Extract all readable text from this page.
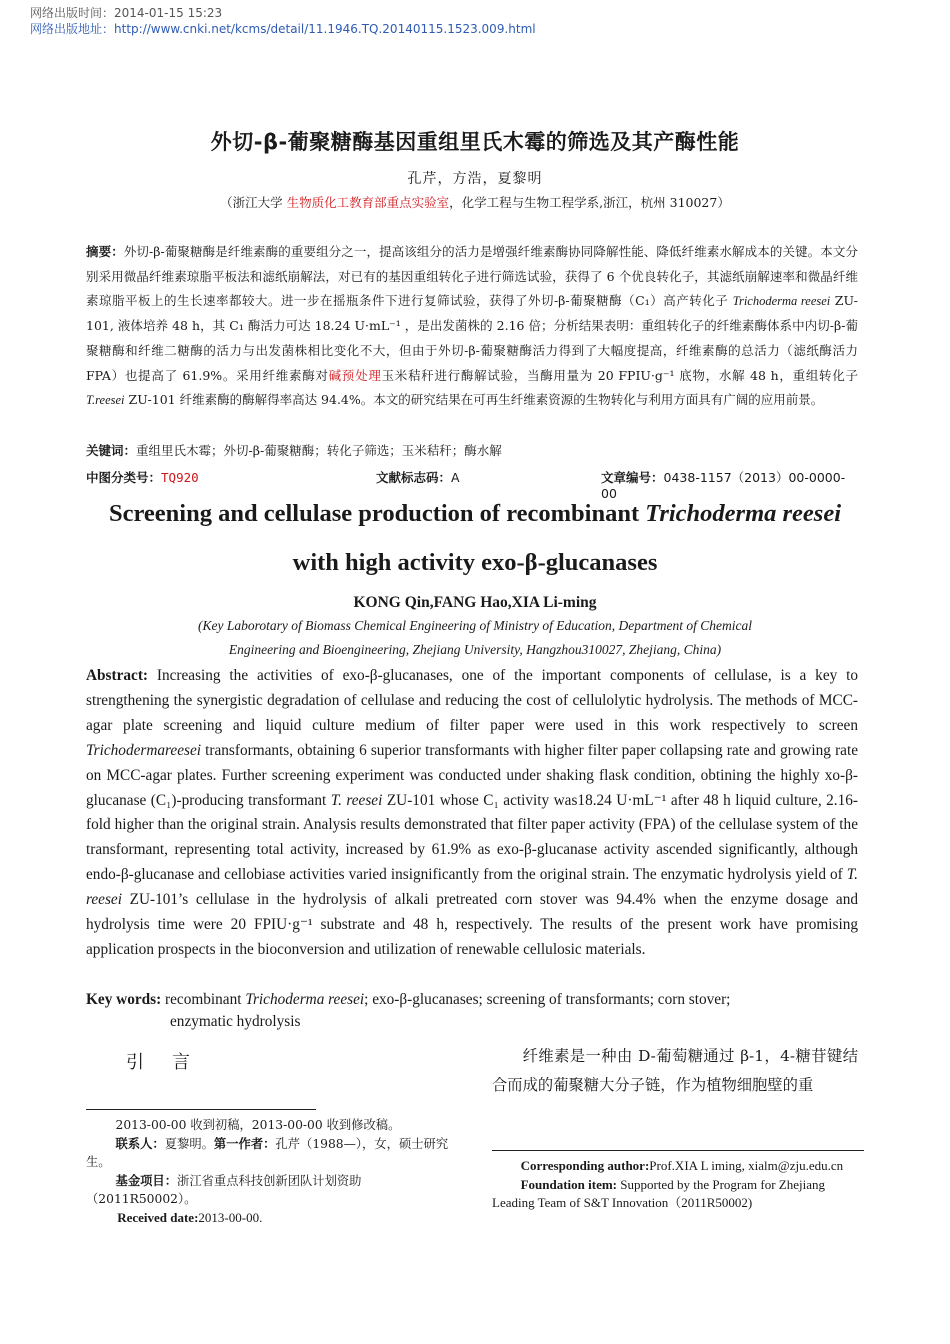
网络出版时间：2014-01-15 15:23
网络出版地址：http://www.cnki.net/kcms/detail/11.1946.TQ.20140115.1523.009.html
外切-β-葡聚糖酶基因重组里氏木霉的筛选及其产酶性能
孔芹，方浩，夏黎明
（浙江大学 生物质化工教育部重点实验室，化学工程与生物工程学系,浙江，杭州 310027）
摘要：外切-β-葡聚糖酶是纤维素酶的重要组分之一，提高该组分的活力是增强纤维素酶协同降解性能、降低纤维素水解成本的关键。本文分别采用微晶纤维素琼脂平板法和滤纸崩解法，对已有的基因重组转化子进行筛选试验，获得了 6 个优良转化子，其滤纸崩解速率和微晶纤维素琼脂平板上的生长速率都较大。进一步在摇瓶条件下进行复筛试验，获得了外切-β-葡聚糖酶（C₁）高产转化子 Trichoderma reesei ZU-101, 液体培养 48 h，其 C₁ 酶活力可达 18.24 U·mL⁻¹ ，是出发菌株的 2.16 倍；分析结果表明：重组转化子的纤维素酶体系中内切-β-葡聚糖酶和纤维二糖酶的活力与出发菌株相比变化不大，但由于外切-β-葡聚糖酶活力得到了大幅度提高，纤维素酶的总活力（滤纸酶活力 FPA）也提高了 61.9%。采用纤维素酶对碱预处理玉米秸秆进行酶解试验，当酶用量为 20 FPIU·g⁻¹ 底物，水解 48 h，重组转化子 T.reesei ZU-101 纤维素酶的酶解得率高达 94.4%。本文的研究结果在可再生纤维素资源的生物转化与利用方面具有广阔的应用前景。
关键词：重组里氏木霉；外切-β-葡聚糖酶；转化子筛选；玉米秸秆；酶水解
中图分类号：TQ920	文献标志码：A	文章编号：0438-1157（2013）00-0000-00
Screening and cellulase production of recombinant Trichoderma reesei
with high activity exo-β-glucanases
KONG Qin,FANG Hao,XIA Li-ming
(Key Laborotary of Biomass Chemical Engineering of Ministry of Education, Department of Chemical
Engineering and Bioengineering, Zhejiang University, Hangzhou310027, Zhejiang, China)
Abstract: Increasing the activities of exo-β-glucanases, one of the important components of cellulase, is a key to strengthening the synergistic degradation of cellulase and reducing the cost of cellulolytic hydrolysis. The methods of MCC-agar plate screening and liquid culture medium of filter paper were used in this work respectively to screen Trichodermareesei transformants, obtaining 6 superior transformants with higher filter paper collapsing rate and growing rate on MCC-agar plates. Further screening experiment was conducted under shaking flask condition, obtining the highly xo-β-glucanase (C₁)-producing transformant T. reesei ZU-101 whose C₁ activity was18.24 U·mL⁻¹ after 48 h liquid culture, 2.16-fold higher than the original strain. Analysis results demonstrated that filter paper activity (FPA) of the cellulase system of the transformant, representing total activity, increased by 61.9% as exo-β-glucanase activity ascended significantly, although endo-β-glucanase and cellobiase activities varied insignificantly from the original strain. The enzymatic hydrolysis yield of T. reesei ZU-101’s cellulase in the hydrolysis of alkali pretreated corn stover was 94.4% when the enzyme dosage and hydrolysis time were 20 FPIU·g⁻¹ substrate and 48 h, respectively. The results of the present work have promising application prospects in the bioconversion and utilization of renewable cellulosic materials.
Key words: recombinant Trichoderma reesei; exo-β-glucanases; screening of transformants; corn stover;
enzymatic hydrolysis
引言	纤维素是一种由 D-葡萄糖通过 β-1，4-糖苷键结合而成的葡聚糖大分子链，作为植物细胞壁的重

2013-00-00 收到初稿，2013-00-00 收到修改稿。

联系人：夏黎明。第一作者：孔芹（1988—），女，硕士研究生。

基金项目：浙江省重点科技创新团队计划资助（2011R50002）。

Received date:2013-00-00.

Corresponding author:Prof.XIA L iming, xialm@zju.edu.cn

Foundation item: Supported by the Program for Zhejiang Leading Team of S&T Innovation（2011R50002)
